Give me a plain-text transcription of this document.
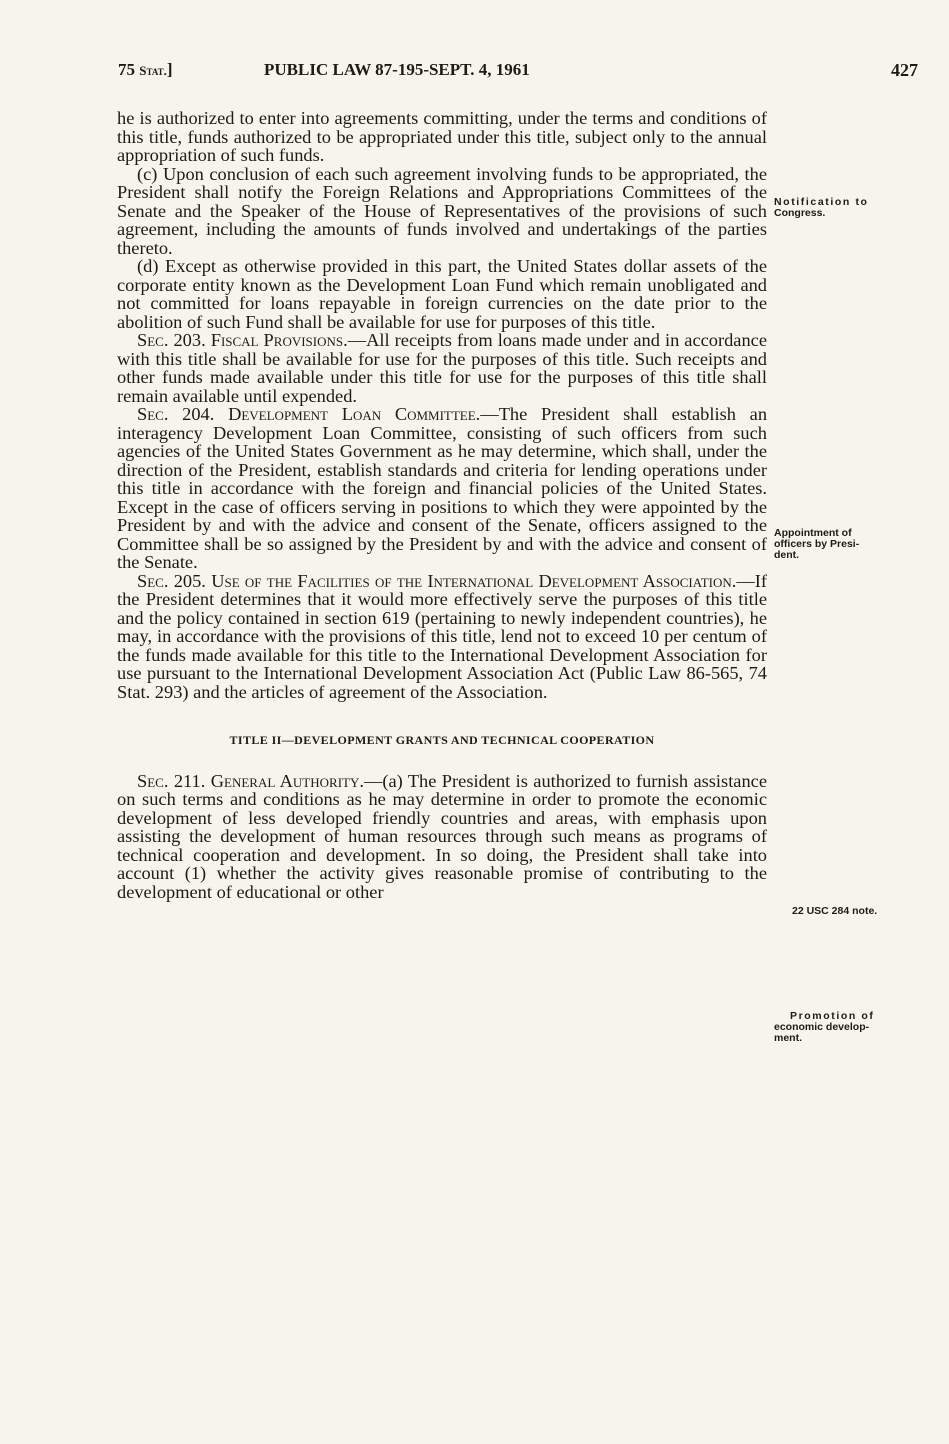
75 Stat.]	PUBLIC LAW 87-195-SEPT. 4, 1961	427

he is authorized to enter into agreements committing, under the terms and conditions of this title, funds authorized to be appropriated under this title, subject only to the annual appropriation of such funds.

(c) Upon conclusion of each such agreement involving funds to be appropriated, the President shall notify the Foreign Relations and Appropriations Committees of the Senate and the Speaker of the House of Representatives of the provisions of such agreement, including the amounts of funds involved and undertakings of the parties thereto.

(d) Except as otherwise provided in this part, the United States dollar assets of the corporate entity known as the Development Loan Fund which remain unobligated and not committed for loans repayable in foreign currencies on the date prior to the abolition of such Fund shall be available for use for purposes of this title.

Sec. 203. Fiscal Provisions.—All receipts from loans made under and in accordance with this title shall be available for use for the purposes of this title. Such receipts and other funds made available under this title for use for the purposes of this title shall remain available until expended.

Sec. 204. Development Loan Committee.—The President shall establish an interagency Development Loan Committee, consisting of such officers from such agencies of the United States Government as he may determine, which shall, under the direction of the President, establish standards and criteria for lending operations under this title in accordance with the foreign and financial policies of the United States. Except in the case of officers serving in positions to which they were appointed by the President by and with the advice and consent of the Senate, officers assigned to the Committee shall be so assigned by the President by and with the advice and consent of the Senate.

Sec. 205. Use of the Facilities of the International Development Association.—If the President determines that it would more effectively serve the purposes of this title and the policy contained in section 619 (pertaining to newly independent countries), he may, in accordance with the provisions of this title, lend not to exceed 10 per centum of the funds made available for this title to the International Development Association for use pursuant to the International Development Association Act (Public Law 86-565, 74 Stat. 293) and the articles of agreement of the Association.

TITLE II—DEVELOPMENT GRANTS AND TECHNICAL COOPERATION

Sec. 211. General Authority.—(a) The President is authorized to furnish assistance on such terms and conditions as he may determine in order to promote the economic development of less developed friendly countries and areas, with emphasis upon assisting the development of human resources through such means as programs of technical cooperation and development. In so doing, the President shall take into account (1) whether the activity gives reasonable promise of contributing to the development of educational or other

Notification to
Congress.
Appointment of
officers by Presi-
dent.
22 USC 284 note.
Promotion of
economic develop-
ment.
